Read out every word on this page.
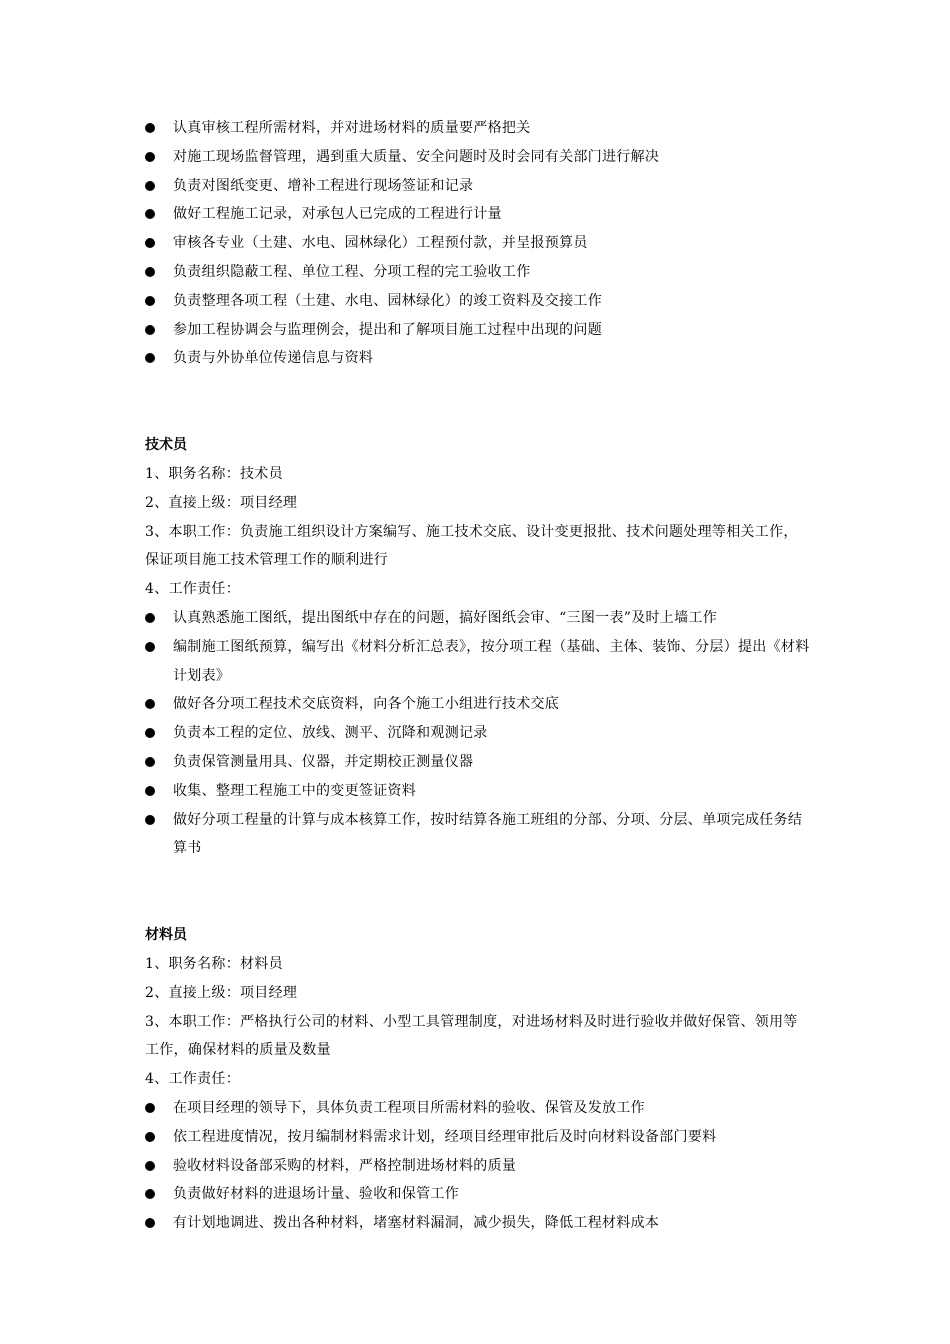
认真审核工程所需材料，并对进场材料的质量要严格把关
对施工现场监督管理，遇到重大质量、安全问题时及时会同有关部门进行解决
负责对图纸变更、增补工程进行现场签证和记录
做好工程施工记录，对承包人已完成的工程进行计量
审核各专业（土建、水电、园林绿化）工程预付款，并呈报预算员
负责组织隐蔽工程、单位工程、分项工程的完工验收工作
负责整理各项工程（土建、水电、园林绿化）的竣工资料及交接工作
参加工程协调会与监理例会，提出和了解项目施工过程中出现的问题
负责与外协单位传递信息与资料
技术员

1、职务名称：技术员

2、直接上级：项目经理

3、本职工作：负责施工组织设计方案编写、施工技术交底、设计变更报批、技术问题处理等相关工作，保证项目施工技术管理工作的顺利进行

4、工作责任：

认真熟悉施工图纸，提出图纸中存在的问题，搞好图纸会审、“三图一表”及时上墙工作
编制施工图纸预算，编写出《材料分析汇总表》，按分项工程（基础、主体、装饰、分层）提出《材料计划表》
做好各分项工程技术交底资料，向各个施工小组进行技术交底
负责本工程的定位、放线、测平、沉降和观测记录
负责保管测量用具、仪器，并定期校正测量仪器
收集、整理工程施工中的变更签证资料
做好分项工程量的计算与成本核算工作，按时结算各施工班组的分部、分项、分层、单项完成任务结算书
材料员

1、职务名称：材料员

2、直接上级：项目经理

3、本职工作：严格执行公司的材料、小型工具管理制度，对进场材料及时进行验收并做好保管、领用等工作，确保材料的质量及数量

4、工作责任：

在项目经理的领导下，具体负责工程项目所需材料的验收、保管及发放工作
依工程进度情况，按月编制材料需求计划，经项目经理审批后及时向材料设备部门要料
验收材料设备部采购的材料，严格控制进场材料的质量
负责做好材料的进退场计量、验收和保管工作
有计划地调进、拨出各种材料，堵塞材料漏洞，减少损失，降低工程材料成本
